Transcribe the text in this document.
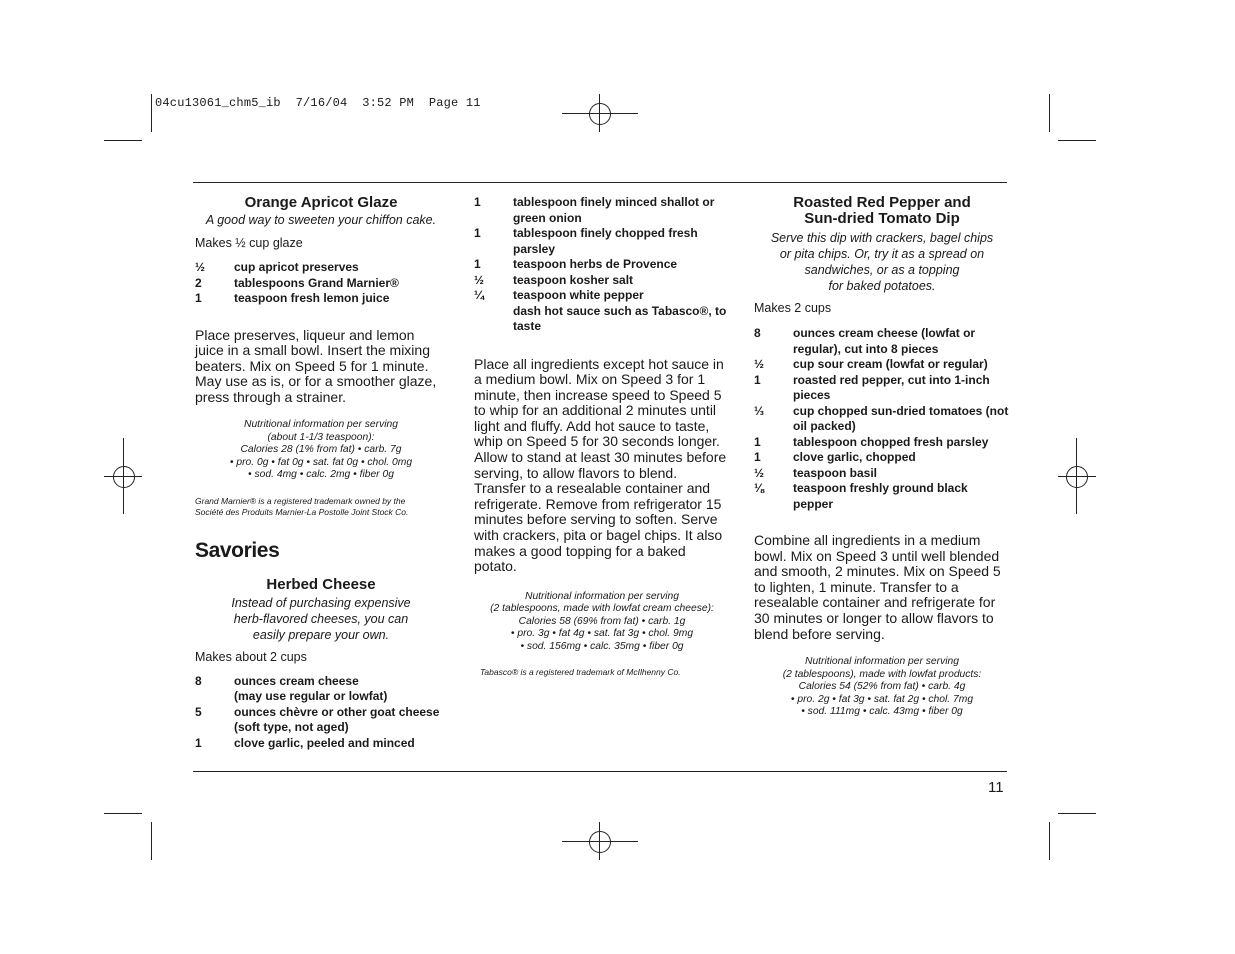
04cu13061_chm5_ib  7/16/04  3:52 PM  Page 11
11
Orange Apricot Glaze

A good way to sweeten your chiffon cake.

Makes ½ cup glaze

½	cup apricot preserves
2	tablespoons Grand Marnier®
1	teaspoon fresh lemon juice

Place preserves, liqueur and lemon juice in a small bowl. Insert the mixing beaters. Mix on Speed 5 for 1 minute. May use as is, or for a smoother glaze, press through a strainer.

Nutritional information per serving

(about 1-1/3 teaspoon):

Calories 28 (1% from fat) • carb. 7g

• pro. 0g • fat 0g • sat. fat 0g • chol. 0mg

• sod. 4mg • calc. 2mg • fiber 0g

Grand Marnier® is a registered trademark owned by the

Société des Produits Marnier-La Postolle Joint Stock Co.

Savories
Herbed Cheese

Instead of purchasing expensive

herb-flavored cheeses, you can

easily prepare your own.

Makes about 2 cups

8	ounces cream cheese
(may use regular or lowfat)
5	ounces chèvre or other goat cheese
(soft type, not aged)
1	clove garlic, peeled and minced
1	tablespoon finely minced shallot or green onion
1	tablespoon finely chopped fresh parsley
1	teaspoon herbs de Provence
½	teaspoon kosher salt
¼	teaspoon white pepper
dash hot sauce such as Tabasco®, to taste

Place all ingredients except hot sauce in a medium bowl. Mix on Speed 3 for 1 minute, then increase speed to Speed 5 to whip for an additional 2 minutes until light and fluffy. Add hot sauce to taste, whip on Speed 5 for 30 seconds longer. Allow to stand at least 30 minutes before serving, to allow flavors to blend. Transfer to a resealable container and refrigerate. Remove from refrigerator 15 minutes before serving to soften. Serve with crackers, pita or bagel chips. It also makes a good topping for a baked potato.

Nutritional information per serving

(2 tablespoons, made with lowfat cream cheese):

Calories 58 (69% from fat) • carb. 1g

• pro. 3g • fat 4g • sat. fat 3g • chol. 9mg

• sod. 156mg • calc. 35mg • fiber 0g

Tabasco® is a registered trademark of McIlhenny Co.

Roasted Red Pepper and
Sun-dried Tomato Dip

Serve this dip with crackers, bagel chips

or pita chips. Or, try it as a spread on

sandwiches, or as a topping

for baked potatoes.

Makes 2 cups

8	ounces cream cheese (lowfat or regular), cut into 8 pieces
½	cup sour cream (lowfat or regular)
1	roasted red pepper, cut into 1-inch pieces
⅓	cup chopped sun-dried tomatoes (not oil packed)
1	tablespoon chopped fresh parsley
1	clove garlic, chopped
½	teaspoon basil
⅛	teaspoon freshly ground black pepper

Combine all ingredients in a medium bowl. Mix on Speed 3 until well blended and smooth, 2 minutes. Mix on Speed 5 to lighten, 1 minute. Transfer to a resealable container and refrigerate for 30 minutes or longer to allow flavors to blend before serving.

Nutritional information per serving

(2 tablespoons), made with lowfat products:

Calories 54 (52% from fat) • carb. 4g

• pro. 2g • fat 3g • sat. fat 2g • chol. 7mg

• sod. 111mg • calc. 43mg • fiber 0g
